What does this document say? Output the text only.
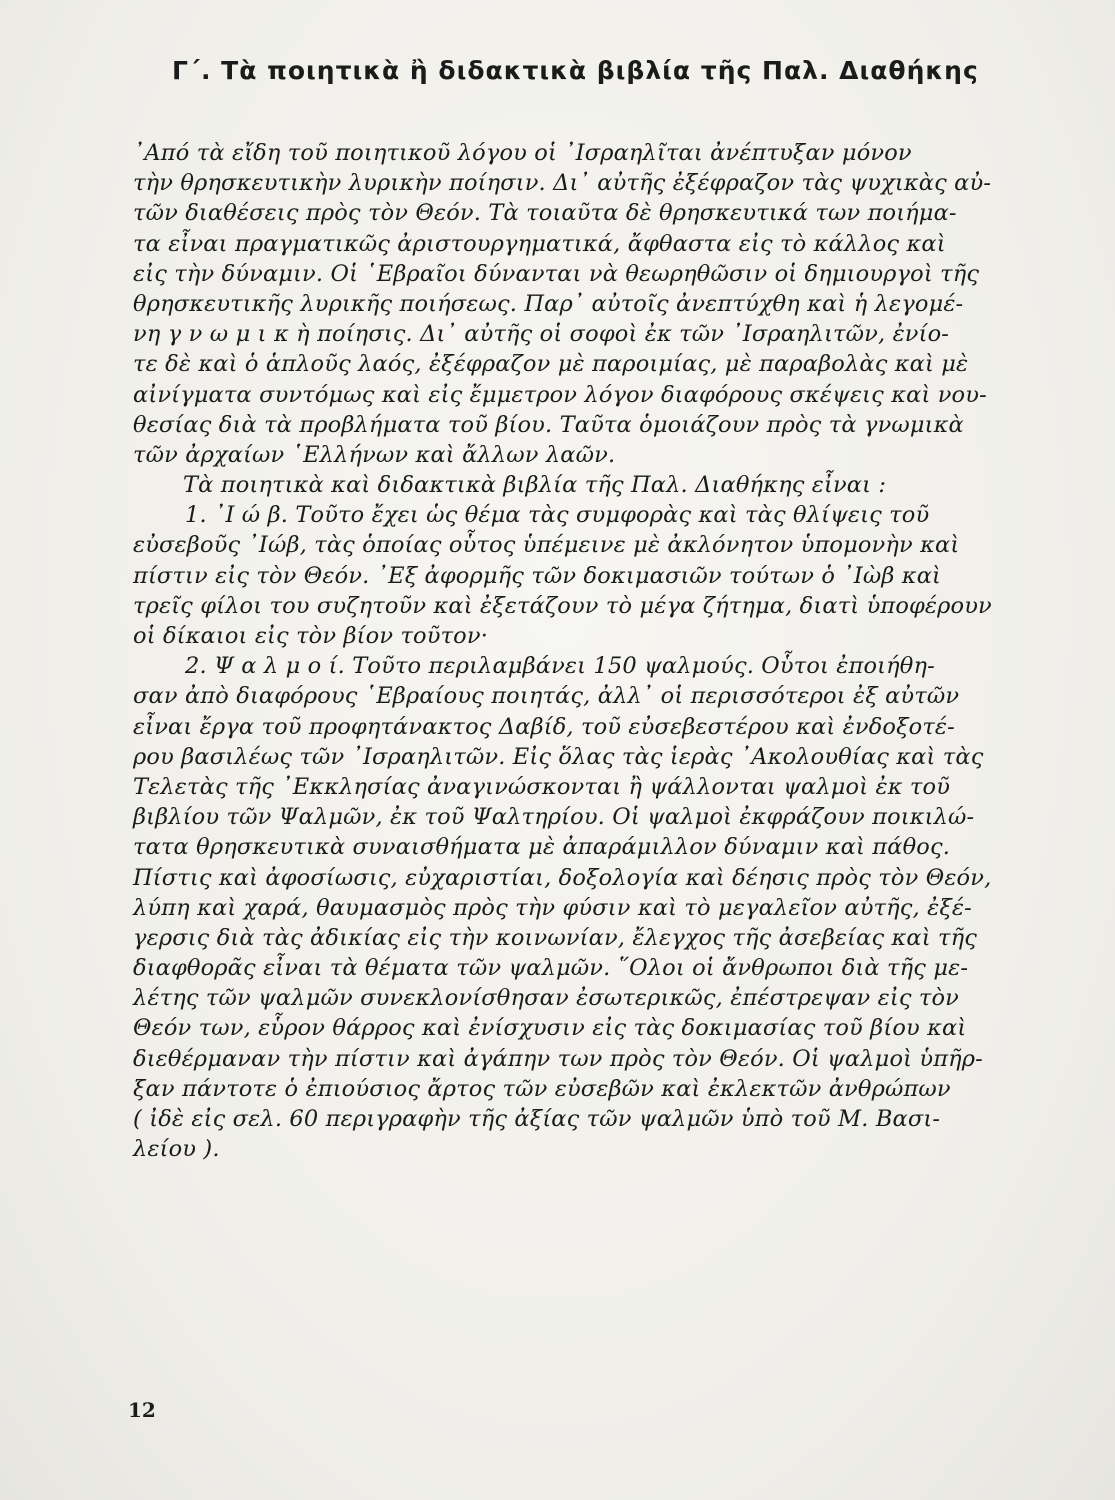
Γ΄. Τὰ ποιητικὰ ἢ διδακτικὰ βιβλία τῆς Παλ. Διαθήκης
᾽Από τὰ εἴδη τοῦ ποιητικοῦ λόγου οἱ ᾽Ισραηλῖται ἀνέπτυξαν μόνον
τὴν θρησκευτικὴν λυρικὴν ποίησιν. Δι᾽ αὐτῆς ἐξέφραζον τὰς ψυχικὰς αὐ-
τῶν διαθέσεις πρὸς τὸν Θεόν. Τὰ τοιαῦτα δὲ θρησκευτικά των ποιήμα-
τα εἶναι πραγματικῶς ἀριστουργηματικά, ἄφθαστα εἰς τὸ κάλλος καὶ
εἰς τὴν δύναμιν. Οἱ ῾Εβραῖοι δύνανται νὰ θεωρηθῶσιν οἱ δημιουργοὶ τῆς
θρησκευτικῆς λυρικῆς ποιήσεως. Παρ᾽ αὐτοῖς ἀνεπτύχθη καὶ ἡ λεγομέ-
νη γ ν ω μ ι κ ὴ ποίησις. Δι᾽ αὐτῆς οἱ σοφοὶ ἐκ τῶν ᾽Ισραηλιτῶν, ἐνίο-
τε δὲ καὶ ὁ ἁπλοῦς λαός, ἐξέφραζον μὲ παροιμίας, μὲ παραβολὰς καὶ μὲ
αἰνίγματα συντόμως καὶ εἰς ἔμμετρον λόγον διαφόρους σκέψεις καὶ νου-
θεσίας διὰ τὰ προβλήματα τοῦ βίου. Ταῦτα ὁμοιάζουν πρὸς τὰ γνωμικὰ
τῶν ἀρχαίων ῾Ελλήνων καὶ ἄλλων λαῶν.
Τὰ ποιητικὰ καὶ διδακτικὰ βιβλία τῆς Παλ. Διαθήκης εἶναι :
1. ᾽Ι ώ β. Τοῦτο ἔχει ὡς θέμα τὰς συμφορὰς καὶ τὰς θλίψεις τοῦ
εὐσεβοῦς ᾽Ιώβ, τὰς ὁποίας οὗτος ὑπέμεινε μὲ ἀκλόνητον ὑπομονὴν καὶ
πίστιν εἰς τὸν Θεόν. ᾽Εξ ἀφορμῆς τῶν δοκιμασιῶν τούτων ὁ ᾽Ιὼβ καὶ
τρεῖς φίλοι του συζητοῦν καὶ ἐξετάζουν τὸ μέγα ζήτημα, διατὶ ὑποφέρουν
οἱ δίκαιοι εἰς τὸν βίον τοῦτον·
2. Ψ α λ μ ο ί. Τοῦτο περιλαμβάνει 150 ψαλμούς. Οὗτοι ἐποιήθη-
σαν ἀπὸ διαφόρους ῾Εβραίους ποιητάς, ἀλλ᾽ οἱ περισσότεροι ἐξ αὐτῶν
εἶναι ἔργα τοῦ προφητάνακτος Δαβίδ, τοῦ εὐσεβεστέρου καὶ ἐνδοξοτέ-
ρου βασιλέως τῶν ᾽Ισραηλιτῶν. Εἰς ὅλας τὰς ἱερὰς ᾽Ακολουθίας καὶ τὰς
Τελετὰς τῆς ᾽Εκκλησίας ἀναγινώσκονται ἢ ψάλλονται ψαλμοὶ ἐκ τοῦ
βιβλίου τῶν Ψαλμῶν, ἐκ τοῦ Ψαλτηρίου. Οἱ ψαλμοὶ ἐκφράζουν ποικιλώ-
τατα θρησκευτικὰ συναισθήματα μὲ ἀπαράμιλλον δύναμιν καὶ πάθος.
Πίστις καὶ ἀφοσίωσις, εὐχαριστίαι, δοξολογία καὶ δέησις πρὸς τὸν Θεόν,
λύπη καὶ χαρά, θαυμασμὸς πρὸς τὴν φύσιν καὶ τὸ μεγαλεῖον αὐτῆς, ἐξέ-
γερσις διὰ τὰς ἀδικίας εἰς τὴν κοινωνίαν, ἔλεγχος τῆς ἀσεβείας καὶ τῆς
διαφθορᾶς εἶναι τὰ θέματα τῶν ψαλμῶν. ῞Ολοι οἱ ἄνθρωποι διὰ τῆς με-
λέτης τῶν ψαλμῶν συνεκλονίσθησαν ἐσωτερικῶς, ἐπέστρεψαν εἰς τὸν
Θεόν των, εὗρον θάρρος καὶ ἐνίσχυσιν εἰς τὰς δοκιμασίας τοῦ βίου καὶ
διεθέρμαναν τὴν πίστιν καὶ ἀγάπην των πρὸς τὸν Θεόν. Οἱ ψαλμοὶ ὑπῆρ-
ξαν πάντοτε ὁ ἐπιούσιος ἄρτος τῶν εὐσεβῶν καὶ ἐκλεκτῶν ἀνθρώπων
( ἰδὲ εἰς σελ. 60 περιγραφὴν τῆς ἀξίας τῶν ψαλμῶν ὑπὸ τοῦ Μ. Βασι-
λείου ).
12
